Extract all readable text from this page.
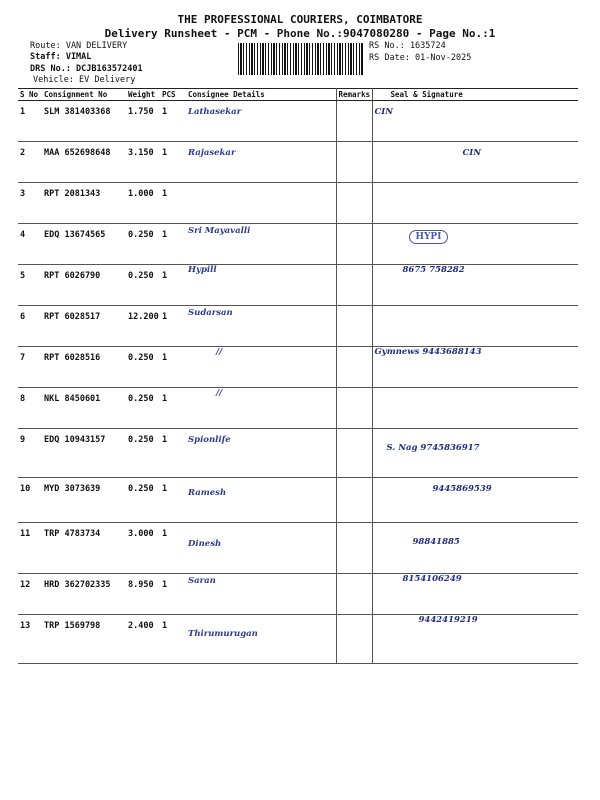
THE PROFESSIONAL COURIERS, COIMBATORE
Delivery Runsheet - PCM - Phone No.:9047080280 - Page No.:1
Route: VAN DELIVERY
Staff: VIMAL
DRS No.: DCJB163572401
Vehicle: EV Delivery
RS No.: 1635724
RS Date: 01-Nov-2025
S No	Consignment No	Weight	PCS	Consignee Details	Remarks	Seal & Signature
1	SLM 381403368	1.750	1	Lathasekar		CIN
2	MAA 652698648	3.150	1	Rajasekar		CIN
3	RPT 2081343	1.000	1			
4	EDQ 13674565	0.250	1	Sri Mayavalli		HYPI
5	RPT 6026790	0.250	1	Hypill		8675 758282
6	RPT 6028517	12.200	1	Sudarsan		
7	RPT 6028516	0.250	1	//		Gymnews 9443688143
8	NKL 8450601	0.250	1	//		
9	EDQ 10943157	0.250	1	Spionlife		S. Nag 9745836917
10	MYD 3073639	0.250	1	Ramesh		9445869539
11	TRP 4783734	3.000	1	Dinesh		98841885
12	HRD 362702335	8.950	1	Saran		8154106249
13	TRP 1569798	2.400	1	Thirumurugan		9442419219
